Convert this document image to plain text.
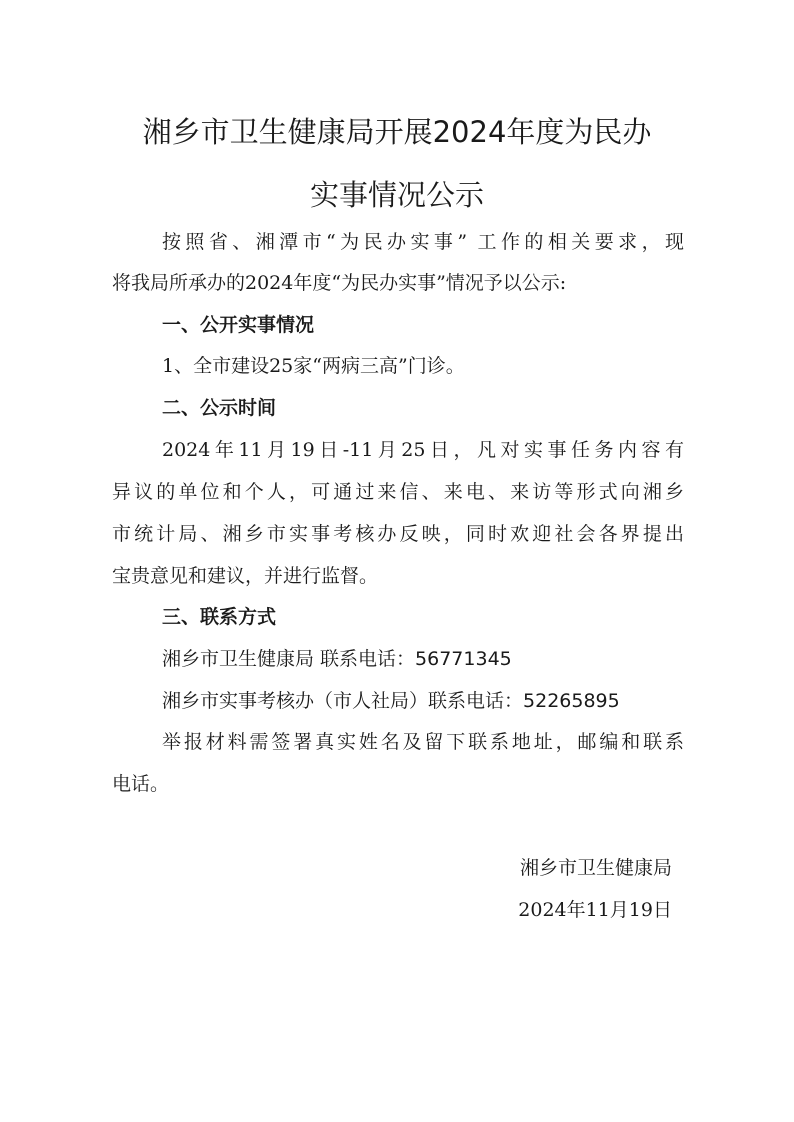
湘乡市卫生健康局开展2024年度为民办
实事情况公示
按照省、湘潭市“为民办实事” 工作的相关要求，现
将我局所承办的2024年度“为民办实事”情况予以公示:
一、公开实事情况
1、全市建设25家“两病三高”门诊。
二、公示时间
2024年11月19日-11月25日，凡对实事任务内容有
异议的单位和个人，可通过来信、来电、来访等形式向湘乡
市统计局、湘乡市实事考核办反映，同时欢迎社会各界提出
宝贵意见和建议，并进行监督。
三、联系方式
湘乡市卫生健康局 联系电话：56771345
湘乡市实事考核办（市人社局）联系电话：52265895
举报材料需签署真实姓名及留下联系地址，邮编和联系
电话。
湘乡市卫生健康局
2024年11月19日
